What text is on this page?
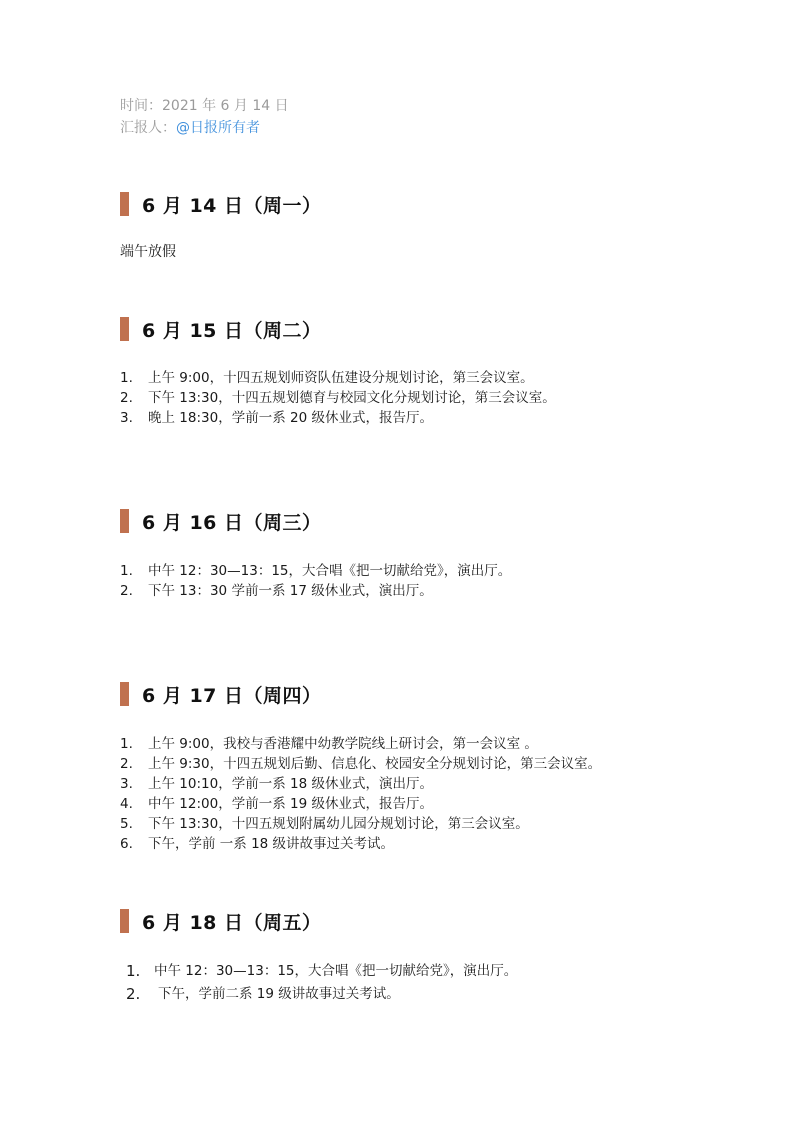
时间：2021 年 6 月 14 日
汇报人：@日报所有者
6 月 14 日（周一）
端午放假
6 月 15 日（周二）
1.	上午 9:00，十四五规划师资队伍建设分规划讨论，第三会议室。
2.	下午 13:30，十四五规划德育与校园文化分规划讨论，第三会议室。
3.	晚上 18:30，学前一系 20 级休业式，报告厅。
6 月 16 日（周三）
1.	中午 12：30—13：15，大合唱《把一切献给党》，演出厅。
2.	下午 13：30 学前一系 17 级休业式，演出厅。
6 月 17 日（周四）
1.	上午 9:00，我校与香港耀中幼教学院线上研讨会，第一会议室 。
2.	上午 9:30，十四五规划后勤、信息化、校园安全分规划讨论，第三会议室。
3.	上午 10:10，学前一系 18 级休业式，演出厅。
4.	中午 12:00，学前一系 19 级休业式，报告厅。
5.	下午 13:30，十四五规划附属幼儿园分规划讨论，第三会议室。
6.	下午，学前 一系 18 级讲故事过关考试。
6 月 18 日（周五）
1.	中午 12：30—13：15，大合唱《把一切献给党》，演出厅。
2.	下午，学前二系 19 级讲故事过关考试。
